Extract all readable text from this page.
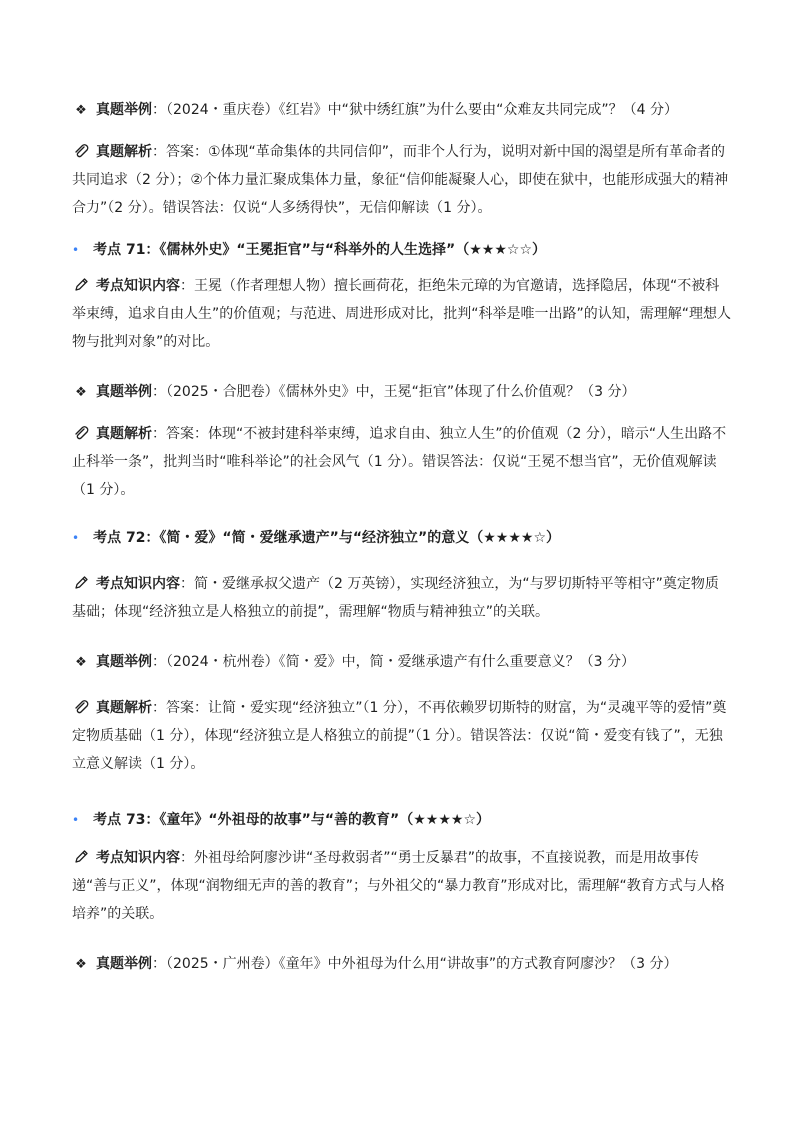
❖ 真题举例：（2024・重庆卷）《红岩》中“狱中绣红旗”为什么要由“众难友共同完成”？（4 分）
真题解析：答案：①体现“革命集体的共同信仰”，而非个人行为，说明对新中国的渴望是所有革命者的共同追求（2 分）；②个体力量汇聚成集体力量，象征“信仰能凝聚人心，即使在狱中，也能形成强大的精神合力”（2 分）。错误答法：仅说“人多绣得快”，无信仰解读（1 分）。
• 考点 71：《儒林外史》“王冕拒官”与“科举外的人生选择”（★★★☆☆）
考点知识内容：王冕（作者理想人物）擅长画荷花，拒绝朱元璋的为官邀请，选择隐居，体现“不被科举束缚，追求自由人生”的价值观；与范进、周进形成对比，批判“科举是唯一出路”的认知，需理解“理想人物与批判对象”的对比。
❖ 真题举例：（2025・合肥卷）《儒林外史》中，王冕“拒官”体现了什么价值观？（3 分）
真题解析：答案：体现“不被封建科举束缚，追求自由、独立人生”的价值观（2 分），暗示“人生出路不止科举一条”，批判当时“唯科举论”的社会风气（1 分）。错误答法：仅说“王冕不想当官”，无价值观解读（1 分）。
• 考点 72：《简・爱》“简・爱继承遗产”与“经济独立”的意义（★★★★☆）
考点知识内容：简・爱继承叔父遗产（2 万英镑），实现经济独立，为“与罗切斯特平等相守”奠定物质基础；体现“经济独立是人格独立的前提”，需理解“物质与精神独立”的关联。
❖ 真题举例：（2024・杭州卷）《简・爱》中，简・爱继承遗产有什么重要意义？（3 分）
真题解析：答案：让简・爱实现“经济独立”（1 分），不再依赖罗切斯特的财富，为“灵魂平等的爱情”奠定物质基础（1 分），体现“经济独立是人格独立的前提”（1 分）。错误答法：仅说“简・爱变有钱了”，无独立意义解读（1 分）。
• 考点 73：《童年》“外祖母的故事”与“善的教育”（★★★★☆）
考点知识内容：外祖母给阿廖沙讲“圣母救弱者”“勇士反暴君”的故事，不直接说教，而是用故事传递“善与正义”，体现“润物细无声的善的教育”；与外祖父的“暴力教育”形成对比，需理解“教育方式与人格培养”的关联。
❖ 真题举例：（2025・广州卷）《童年》中外祖母为什么用“讲故事”的方式教育阿廖沙？（3 分）
